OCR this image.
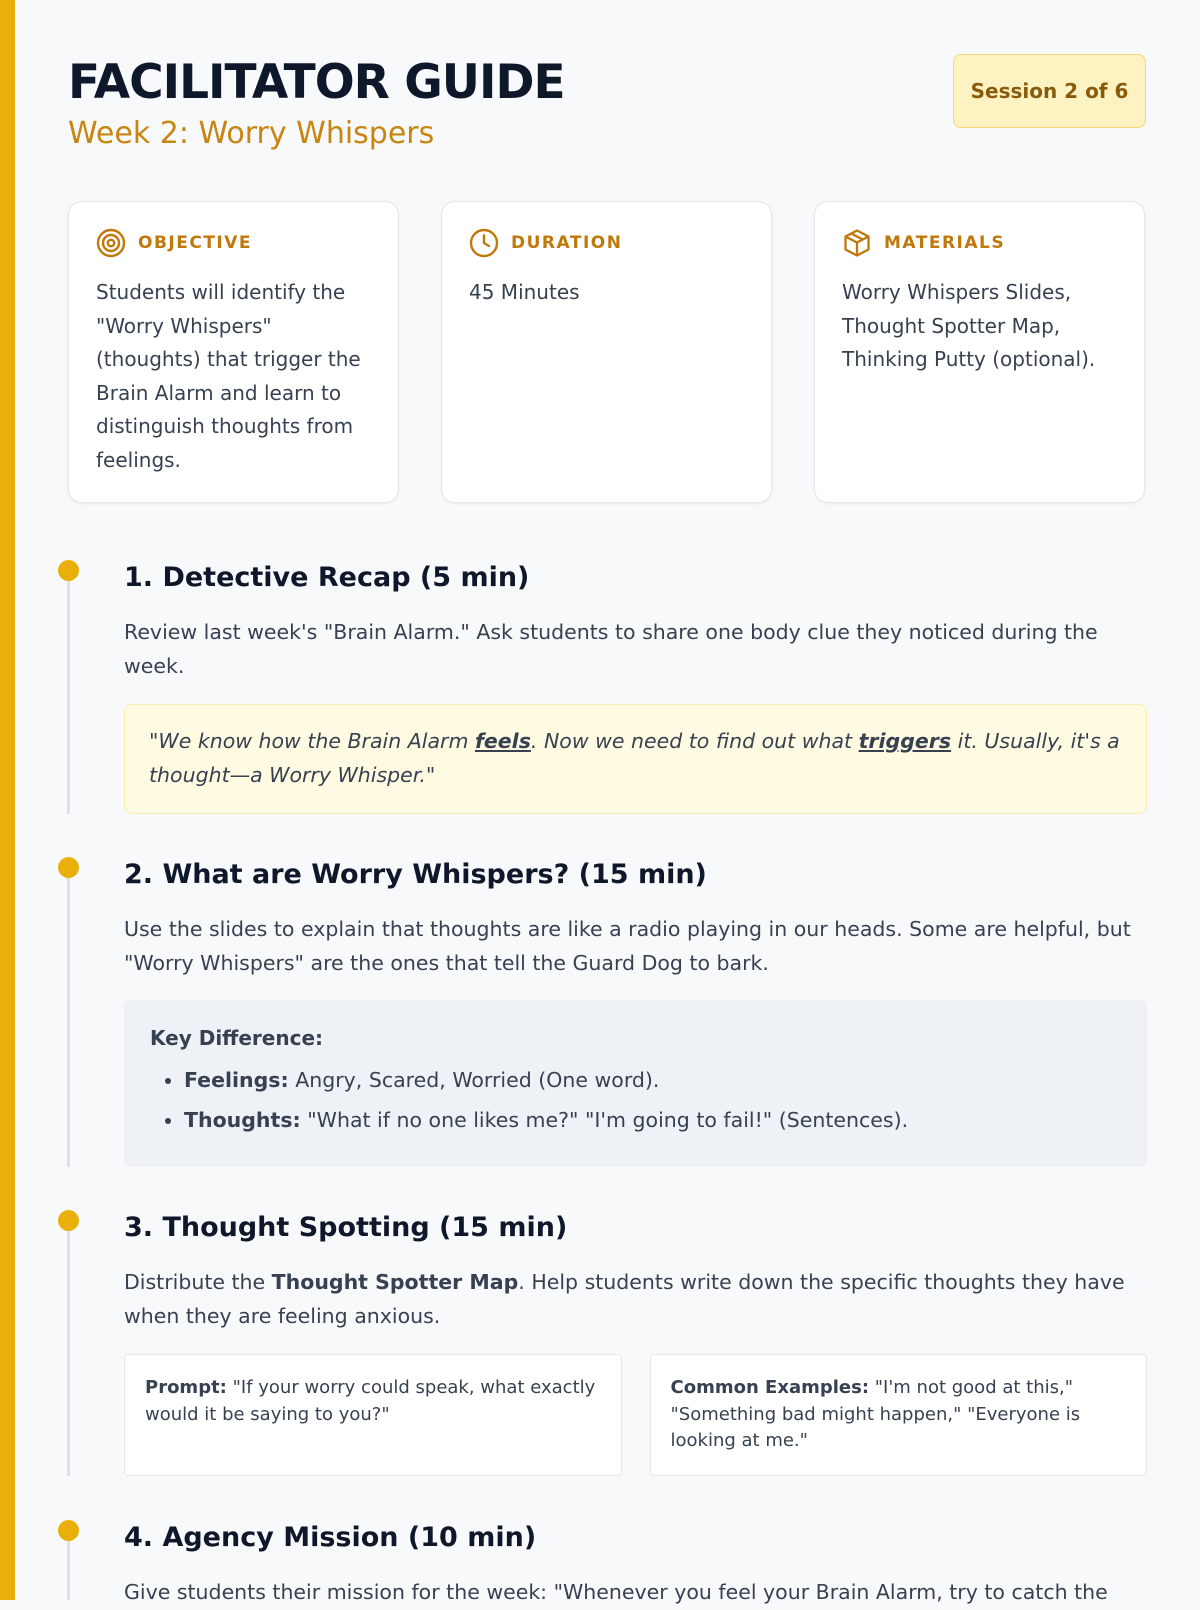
FACILITATOR GUIDE
Week 2: Worry Whispers
Session 2 of 6
OBJECTIVE
Students will identify the "Worry Whispers" (thoughts) that trigger the Brain Alarm and learn to distinguish thoughts from feelings.
DURATION
45 Minutes
MATERIALS
Worry Whispers Slides, Thought Spotter Map, Thinking Putty (optional).
1. Detective Recap (5 min)
Review last week's "Brain Alarm." Ask students to share one body clue they noticed during the week.
"We know how the Brain Alarm feels. Now we need to find out what triggers it. Usually, it's a thought—a Worry Whisper."
2. What are Worry Whispers? (15 min)
Use the slides to explain that thoughts are like a radio playing in our heads. Some are helpful, but "Worry Whispers" are the ones that tell the Guard Dog to bark.
Key Difference:
• Feelings: Angry, Scared, Worried (One word).
• Thoughts: "What if no one likes me?" "I'm going to fail!" (Sentences).
3. Thought Spotting (15 min)
Distribute the Thought Spotter Map. Help students write down the specific thoughts they have when they are feeling anxious.
Prompt: "If your worry could speak, what exactly would it be saying to you?"
Common Examples: "I'm not good at this," "Something bad might happen," "Everyone is looking at me."
4. Agency Mission (10 min)
Give students their mission for the week: "Whenever you feel your Brain Alarm, try to catch the
